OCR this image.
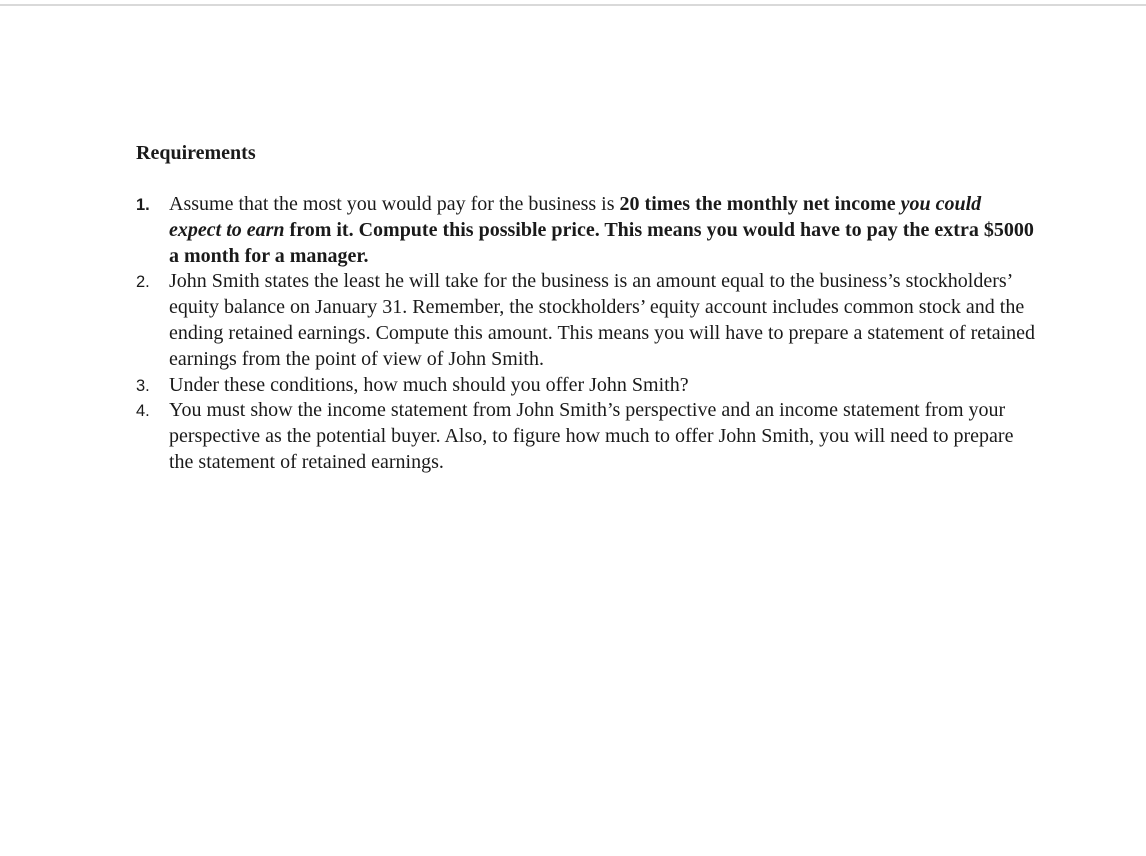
Requirements
1. Assume that the most you would pay for the business is 20 times the monthly net income you could expect to earn from it. Compute this possible price. This means you would have to pay the extra $5000 a month for a manager.
2. John Smith states the least he will take for the business is an amount equal to the business’s stockholders’ equity balance on January 31. Remember, the stockholders’ equity account includes common stock and the ending retained earnings. Compute this amount. This means you will have to prepare a statement of retained earnings from the point of view of John Smith.
3. Under these conditions, how much should you offer John Smith?
4. You must show the income statement from John Smith’s perspective and an income statement from your perspective as the potential buyer. Also, to figure how much to offer John Smith, you will need to prepare the statement of retained earnings.
